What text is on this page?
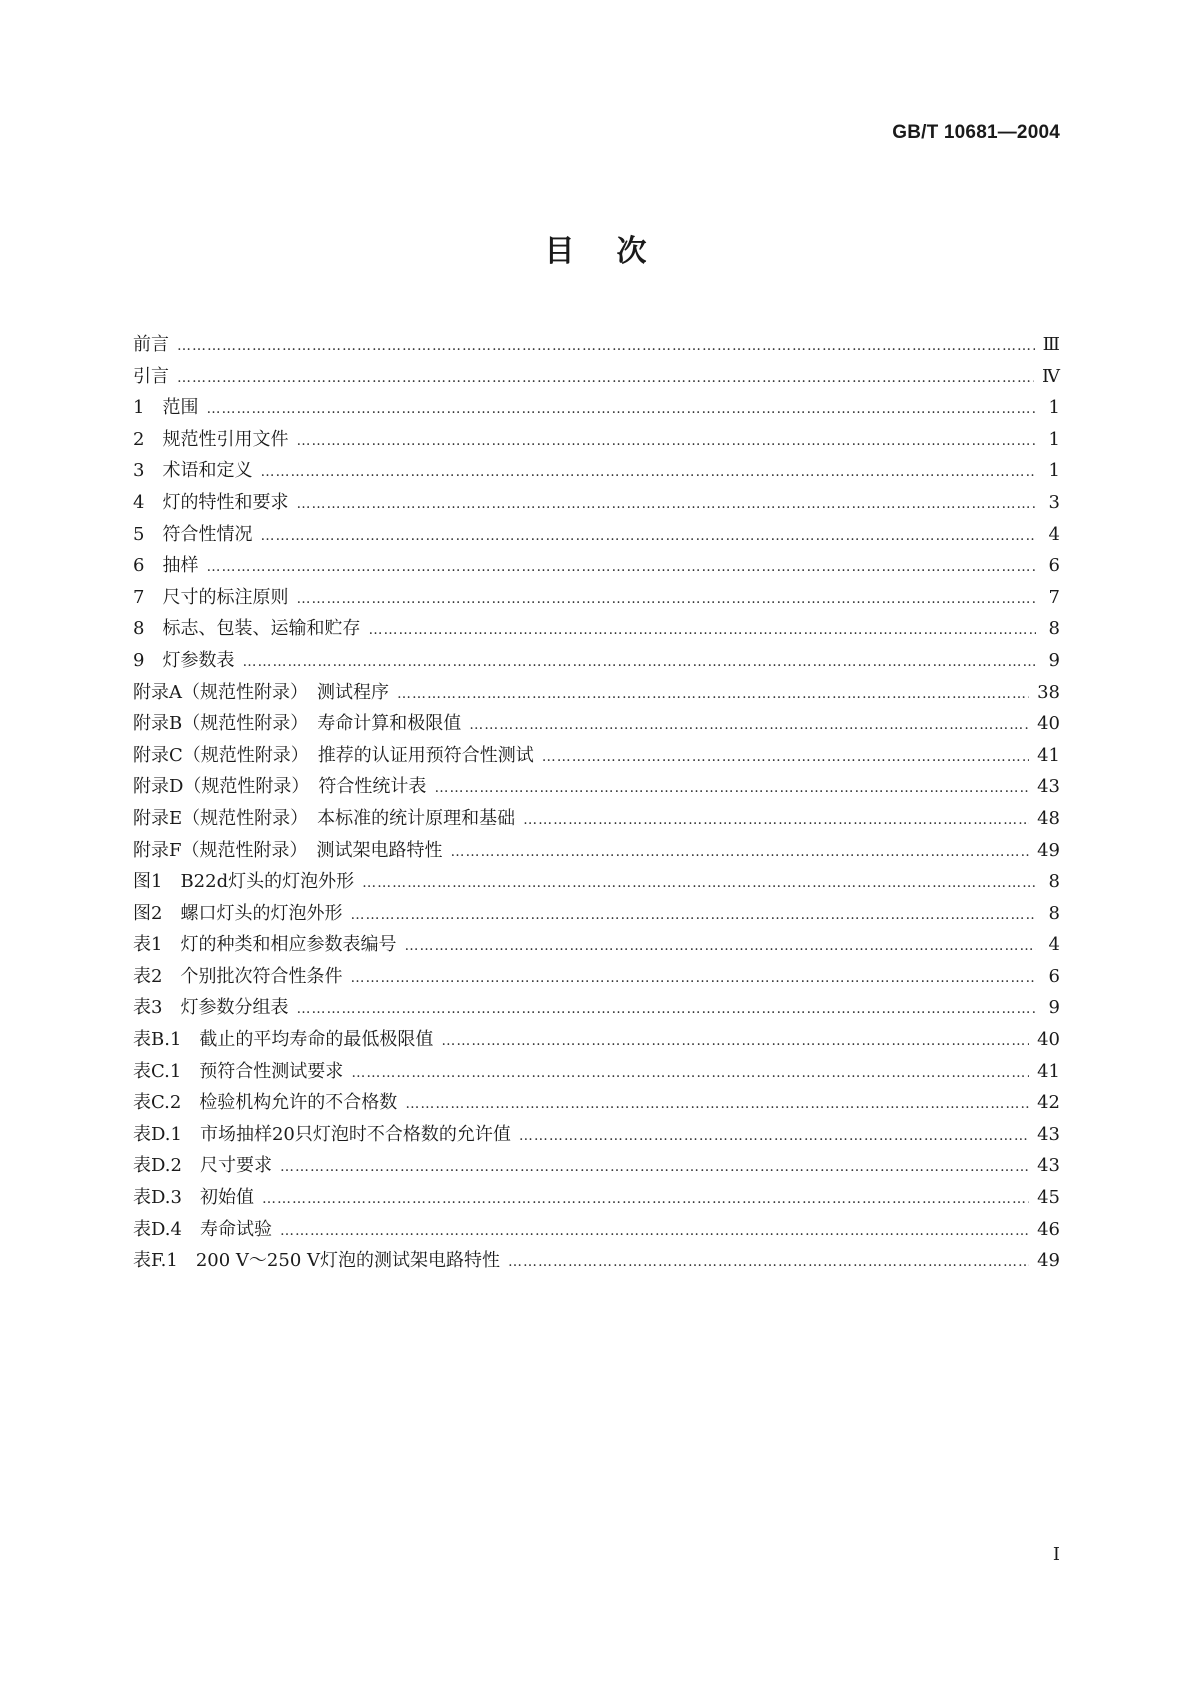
GB/T 10681—2004
目次
前言 …………………………………………………………………………………………………………………………………………………………………………………………	Ⅲ
引言 …………………………………………………………………………………………………………………………………………………………………………………………	Ⅳ
1　范围 …………………………………………………………………………………………………………………………………………………………………………………………	1
2　规范性引用文件 …………………………………………………………………………………………………………………………………………………………………………………………	1
3　术语和定义 …………………………………………………………………………………………………………………………………………………………………………………………	1
4　灯的特性和要求 …………………………………………………………………………………………………………………………………………………………………………………………	3
5　符合性情况 …………………………………………………………………………………………………………………………………………………………………………………………	4
6　抽样 …………………………………………………………………………………………………………………………………………………………………………………………	6
7　尺寸的标注原则 …………………………………………………………………………………………………………………………………………………………………………………………	7
8　标志、包装、运输和贮存 …………………………………………………………………………………………………………………………………………………………………………………………	8
9　灯参数表 …………………………………………………………………………………………………………………………………………………………………………………………	9
附录A（规范性附录）　测试程序 …………………………………………………………………………………………………………………………………………………………………………………………	38
附录B（规范性附录）　寿命计算和极限值 …………………………………………………………………………………………………………………………………………………………………………………………	40
附录C（规范性附录）　推荐的认证用预符合性测试 …………………………………………………………………………………………………………………………………………………………………………………………	41
附录D（规范性附录）　符合性统计表 …………………………………………………………………………………………………………………………………………………………………………………………	43
附录E（规范性附录）　本标准的统计原理和基础 …………………………………………………………………………………………………………………………………………………………………………………………	48
附录F（规范性附录）　测试架电路特性 …………………………………………………………………………………………………………………………………………………………………………………………	49
图1　B22d灯头的灯泡外形 …………………………………………………………………………………………………………………………………………………………………………………………	8
图2　螺口灯头的灯泡外形 …………………………………………………………………………………………………………………………………………………………………………………………	8
表1　灯的种类和相应参数表编号 …………………………………………………………………………………………………………………………………………………………………………………………	4
表2　个别批次符合性条件 …………………………………………………………………………………………………………………………………………………………………………………………	6
表3　灯参数分组表 …………………………………………………………………………………………………………………………………………………………………………………………	9
表B.1　截止的平均寿命的最低极限值 …………………………………………………………………………………………………………………………………………………………………………………………	40
表C.1　预符合性测试要求 …………………………………………………………………………………………………………………………………………………………………………………………	41
表C.2　检验机构允许的不合格数 …………………………………………………………………………………………………………………………………………………………………………………………	42
表D.1　市场抽样20只灯泡时不合格数的允许值 …………………………………………………………………………………………………………………………………………………………………………………………	43
表D.2　尺寸要求 …………………………………………………………………………………………………………………………………………………………………………………………	43
表D.3　初始值 …………………………………………………………………………………………………………………………………………………………………………………………	45
表D.4　寿命试验 …………………………………………………………………………………………………………………………………………………………………………………………	46
表F.1　200 V～250 V灯泡的测试架电路特性 …………………………………………………………………………………………………………………………………………………………………………………………	49
I
